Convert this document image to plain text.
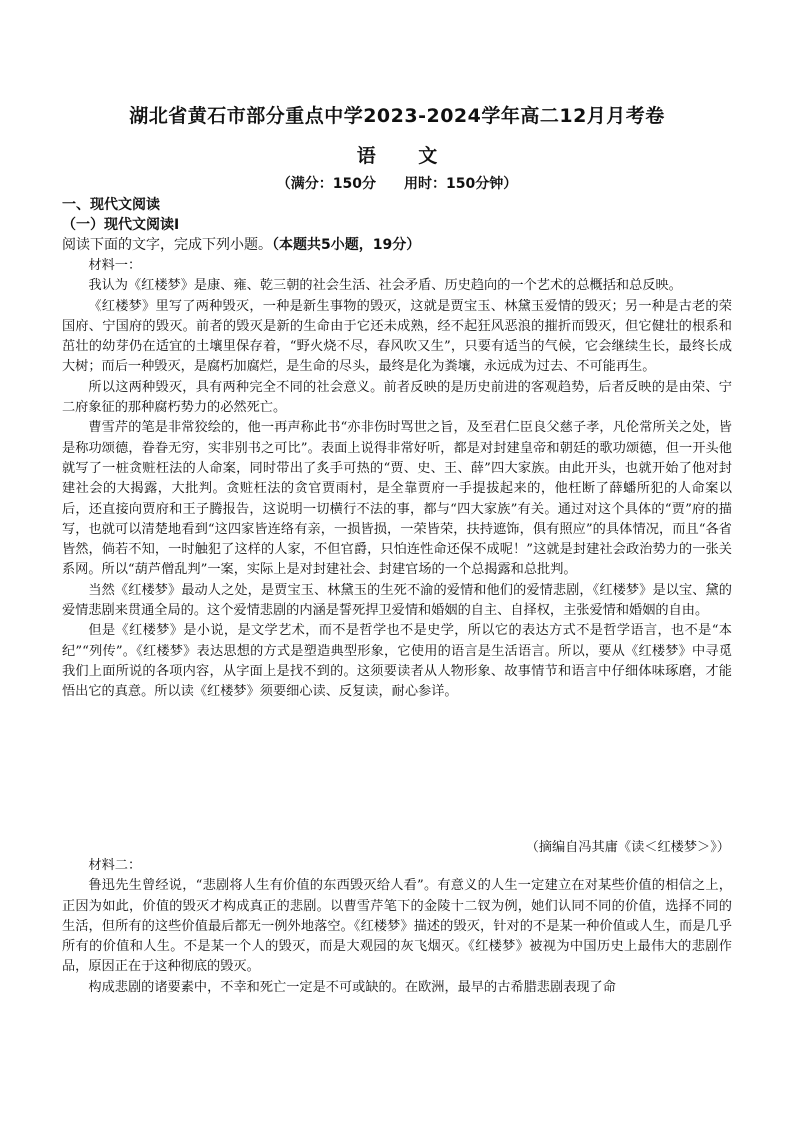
湖北省黄石市部分重点中学2023-2024学年高二12月月考卷
语 文
（满分：150分　　用时：150分钟）
一、现代文阅读
（一）现代文阅读Ⅰ
阅读下面的文字，完成下列小题。（本题共5小题，19分）

材料一：

我认为《红楼梦》是康、雍、乾三朝的社会生活、社会矛盾、历史趋向的一个艺术的总概括和总反映。

《红楼梦》里写了两种毁灭，一种是新生事物的毁灭，这就是贾宝玉、林黛玉爱情的毁灭；另一种是古老的荣国府、宁国府的毁灭。前者的毁灭是新的生命由于它还未成熟，经不起狂风恶浪的摧折而毁灭，但它健壮的根系和茁壮的幼芽仍在适宜的土壤里保存着，“野火烧不尽，春风吹又生”，只要有适当的气候，它会继续生长，最终长成大树；而后一种毁灭，是腐朽加腐烂，是生命的尽头，最终是化为粪壤，永远成为过去、不可能再生。

所以这两种毁灭，具有两种完全不同的社会意义。前者反映的是历史前进的客观趋势，后者反映的是由荣、宁二府象征的那种腐朽势力的必然死亡。

曹雪芹的笔是非常狡绘的，他一再声称此书“亦非伤时骂世之旨，及至君仁臣良父慈子孝，凡伦常所关之处，皆是称功颂德，眷眷无穷，实非别书之可比”。表面上说得非常好听，都是对封建皇帝和朝廷的歌功颂德，但一开头他就写了一桩贪赃枉法的人命案，同时带出了炙手可热的“贾、史、王、薛”四大家族。由此开头，也就开始了他对封建社会的大揭露，大批判。贪赃枉法的贪官贾雨村，是全靠贾府一手提拔起来的，他枉断了薛蟠所犯的人命案以后，还直接向贾府和王子腾报告，这说明一切横行不法的事，都与“四大家族”有关。通过对这个具体的“贾”府的描写，也就可以清楚地看到“这四家皆连络有亲，一损皆损，一荣皆荣，扶持遮饰，俱有照应”的具体情况，而且“各省皆然，倘若不知，一时触犯了这样的人家，不但官爵，只怕连性命还保不成呢！”这就是封建社会政治势力的一张关系网。所以“葫芦僧乱判”一案，实际上是对封建社会、封建官场的一个总揭露和总批判。

当然《红楼梦》最动人之处，是贾宝玉、林黛玉的生死不渝的爱情和他们的爱情悲剧，《红楼梦》是以宝、黛的爱情悲剧来贯通全局的。这个爱情悲剧的内涵是誓死捍卫爱情和婚姻的自主、自择权，主张爱情和婚姻的自由。

但是《红楼梦》是小说，是文学艺术，而不是哲学也不是史学，所以它的表达方式不是哲学语言，也不是“本纪”“列传”。《红楼梦》表达思想的方式是塑造典型形象，它使用的语言是生活语言。所以，要从《红楼梦》中寻觅我们上面所说的各项内容，从字面上是找不到的。这须要读者从人物形象、故事情节和语言中仔细体味琢磨，才能悟出它的真意。所以读《红楼梦》须要细心读、反复读，耐心参详。

（摘编自冯其庸《读＜红楼梦＞》）

材料二：

鲁迅先生曾经说，“悲剧将人生有价值的东西毁灭给人看”。有意义的人生一定建立在对某些价值的相信之上，正因为如此，价值的毁灭才构成真正的悲剧。以曹雪芹笔下的金陵十二钗为例，她们认同不同的价值，选择不同的生活，但所有的这些价值最后都无一例外地落空。《红楼梦》描述的毁灭，针对的不是某一种价值或人生，而是几乎所有的价值和人生。不是某一个人的毁灭，而是大观园的灰飞烟灭。《红楼梦》被视为中国历史上最伟大的悲剧作品，原因正在于这种彻底的毁灭。

构成悲剧的诸要素中，不幸和死亡一定是不可或缺的。在欧洲，最早的古希腊悲剧表现了命
